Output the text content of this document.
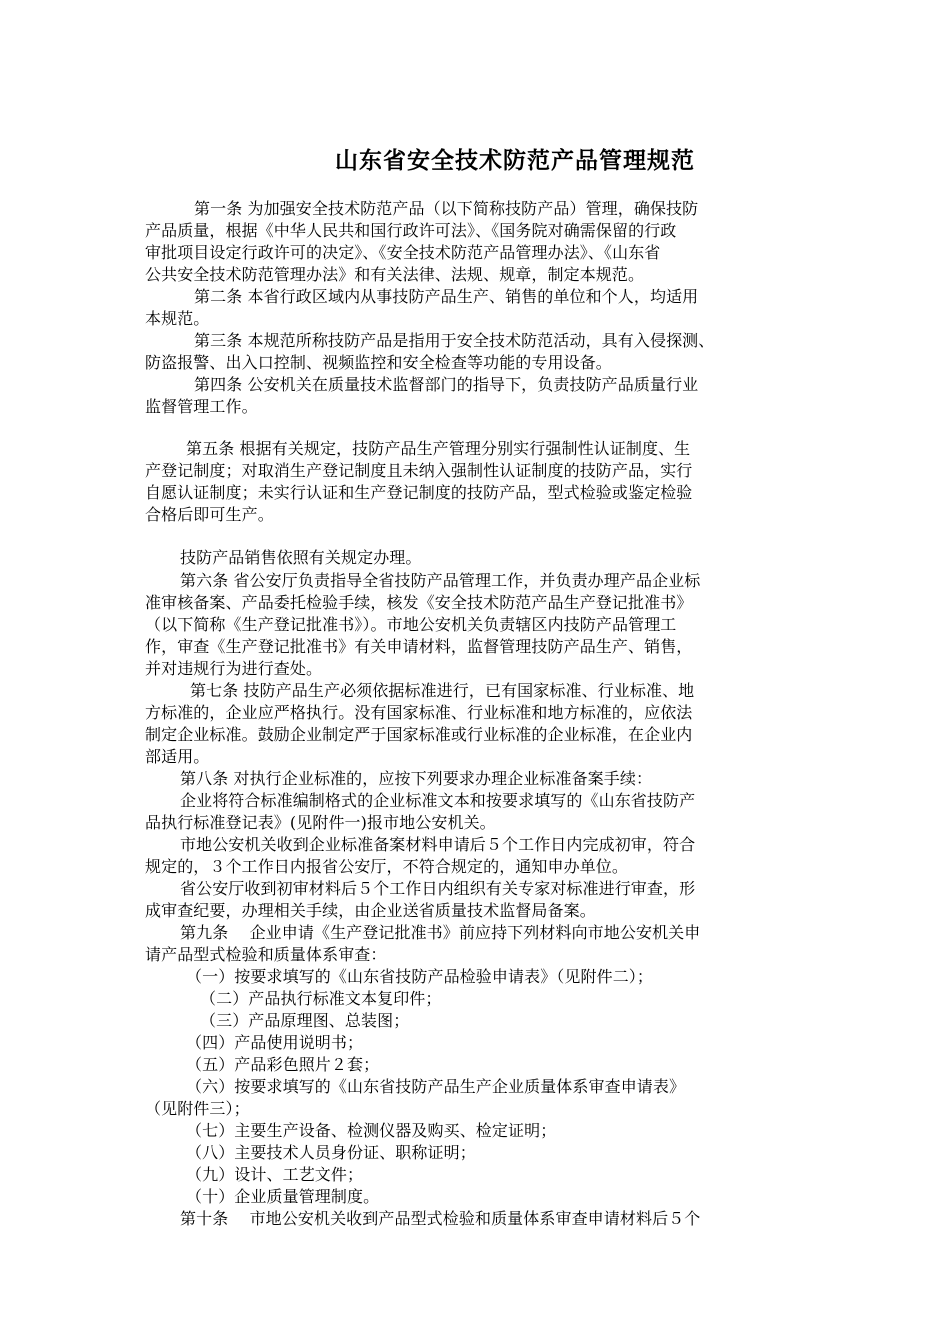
山东省安全技术防范产品管理规范
第一条 为加强安全技术防范产品（以下简称技防产品）管理，确保技防
产品质量，根据《中华人民共和国行政许可法》、《国务院对确需保留的行政
审批项目设定行政许可的决定》、《安全技术防范产品管理办法》、《山东省
公共安全技术防范管理办法》和有关法律、法规、规章，制定本规范。
第二条 本省行政区域内从事技防产品生产、销售的单位和个人，均适用
本规范。
第三条 本规范所称技防产品是指用于安全技术防范活动，具有入侵探测、
防盗报警、出入口控制、视频监控和安全检查等功能的专用设备。
第四条 公安机关在质量技术监督部门的指导下，负责技防产品质量行业
监督管理工作。
第五条 根据有关规定，技防产品生产管理分别实行强制性认证制度、生
产登记制度；对取消生产登记制度且未纳入强制性认证制度的技防产品，实行
自愿认证制度；未实行认证和生产登记制度的技防产品，型式检验或鉴定检验
合格后即可生产。
技防产品销售依照有关规定办理。
第六条 省公安厅负责指导全省技防产品管理工作，并负责办理产品企业标
准审核备案、产品委托检验手续，核发《安全技术防范产品生产登记批准书》
（以下简称《生产登记批准书》）。市地公安机关负责辖区内技防产品管理工
作，审查《生产登记批准书》有关申请材料，监督管理技防产品生产、销售，
并对违规行为进行查处。
第七条 技防产品生产必须依据标准进行，已有国家标准、行业标准、地
方标准的，企业应严格执行。没有国家标准、行业标准和地方标准的，应依法
制定企业标准。鼓励企业制定严于国家标准或行业标准的企业标准，在企业内
部适用。
第八条 对执行企业标准的，应按下列要求办理企业标准备案手续：
企业将符合标准编制格式的企业标准文本和按要求填写的《山东省技防产
品执行标准登记表》(见附件一)报市地公安机关。
市地公安机关收到企业标准备案材料申请后５个工作日内完成初审，符合
规定的，３个工作日内报省公安厅，不符合规定的，通知申办单位。
省公安厅收到初审材料后５个工作日内组织有关专家对标准进行审查，形
成审查纪要，办理相关手续，由企业送省质量技术监督局备案。
第九条　 企业申请《生产登记批准书》前应持下列材料向市地公安机关申
请产品型式检验和质量体系审查：
（一）按要求填写的《山东省技防产品检验申请表》（见附件二）；
（二）产品执行标准文本复印件；
（三）产品原理图、总装图；
（四）产品使用说明书；
（五）产品彩色照片２套；
（六）按要求填写的《山东省技防产品生产企业质量体系审查申请表》
（见附件三）；
（七）主要生产设备、检测仪器及购买、检定证明；
（八）主要技术人员身份证、职称证明；
（九）设计、工艺文件；
（十）企业质量管理制度。
第十条　 市地公安机关收到产品型式检验和质量体系审查申请材料后５个
